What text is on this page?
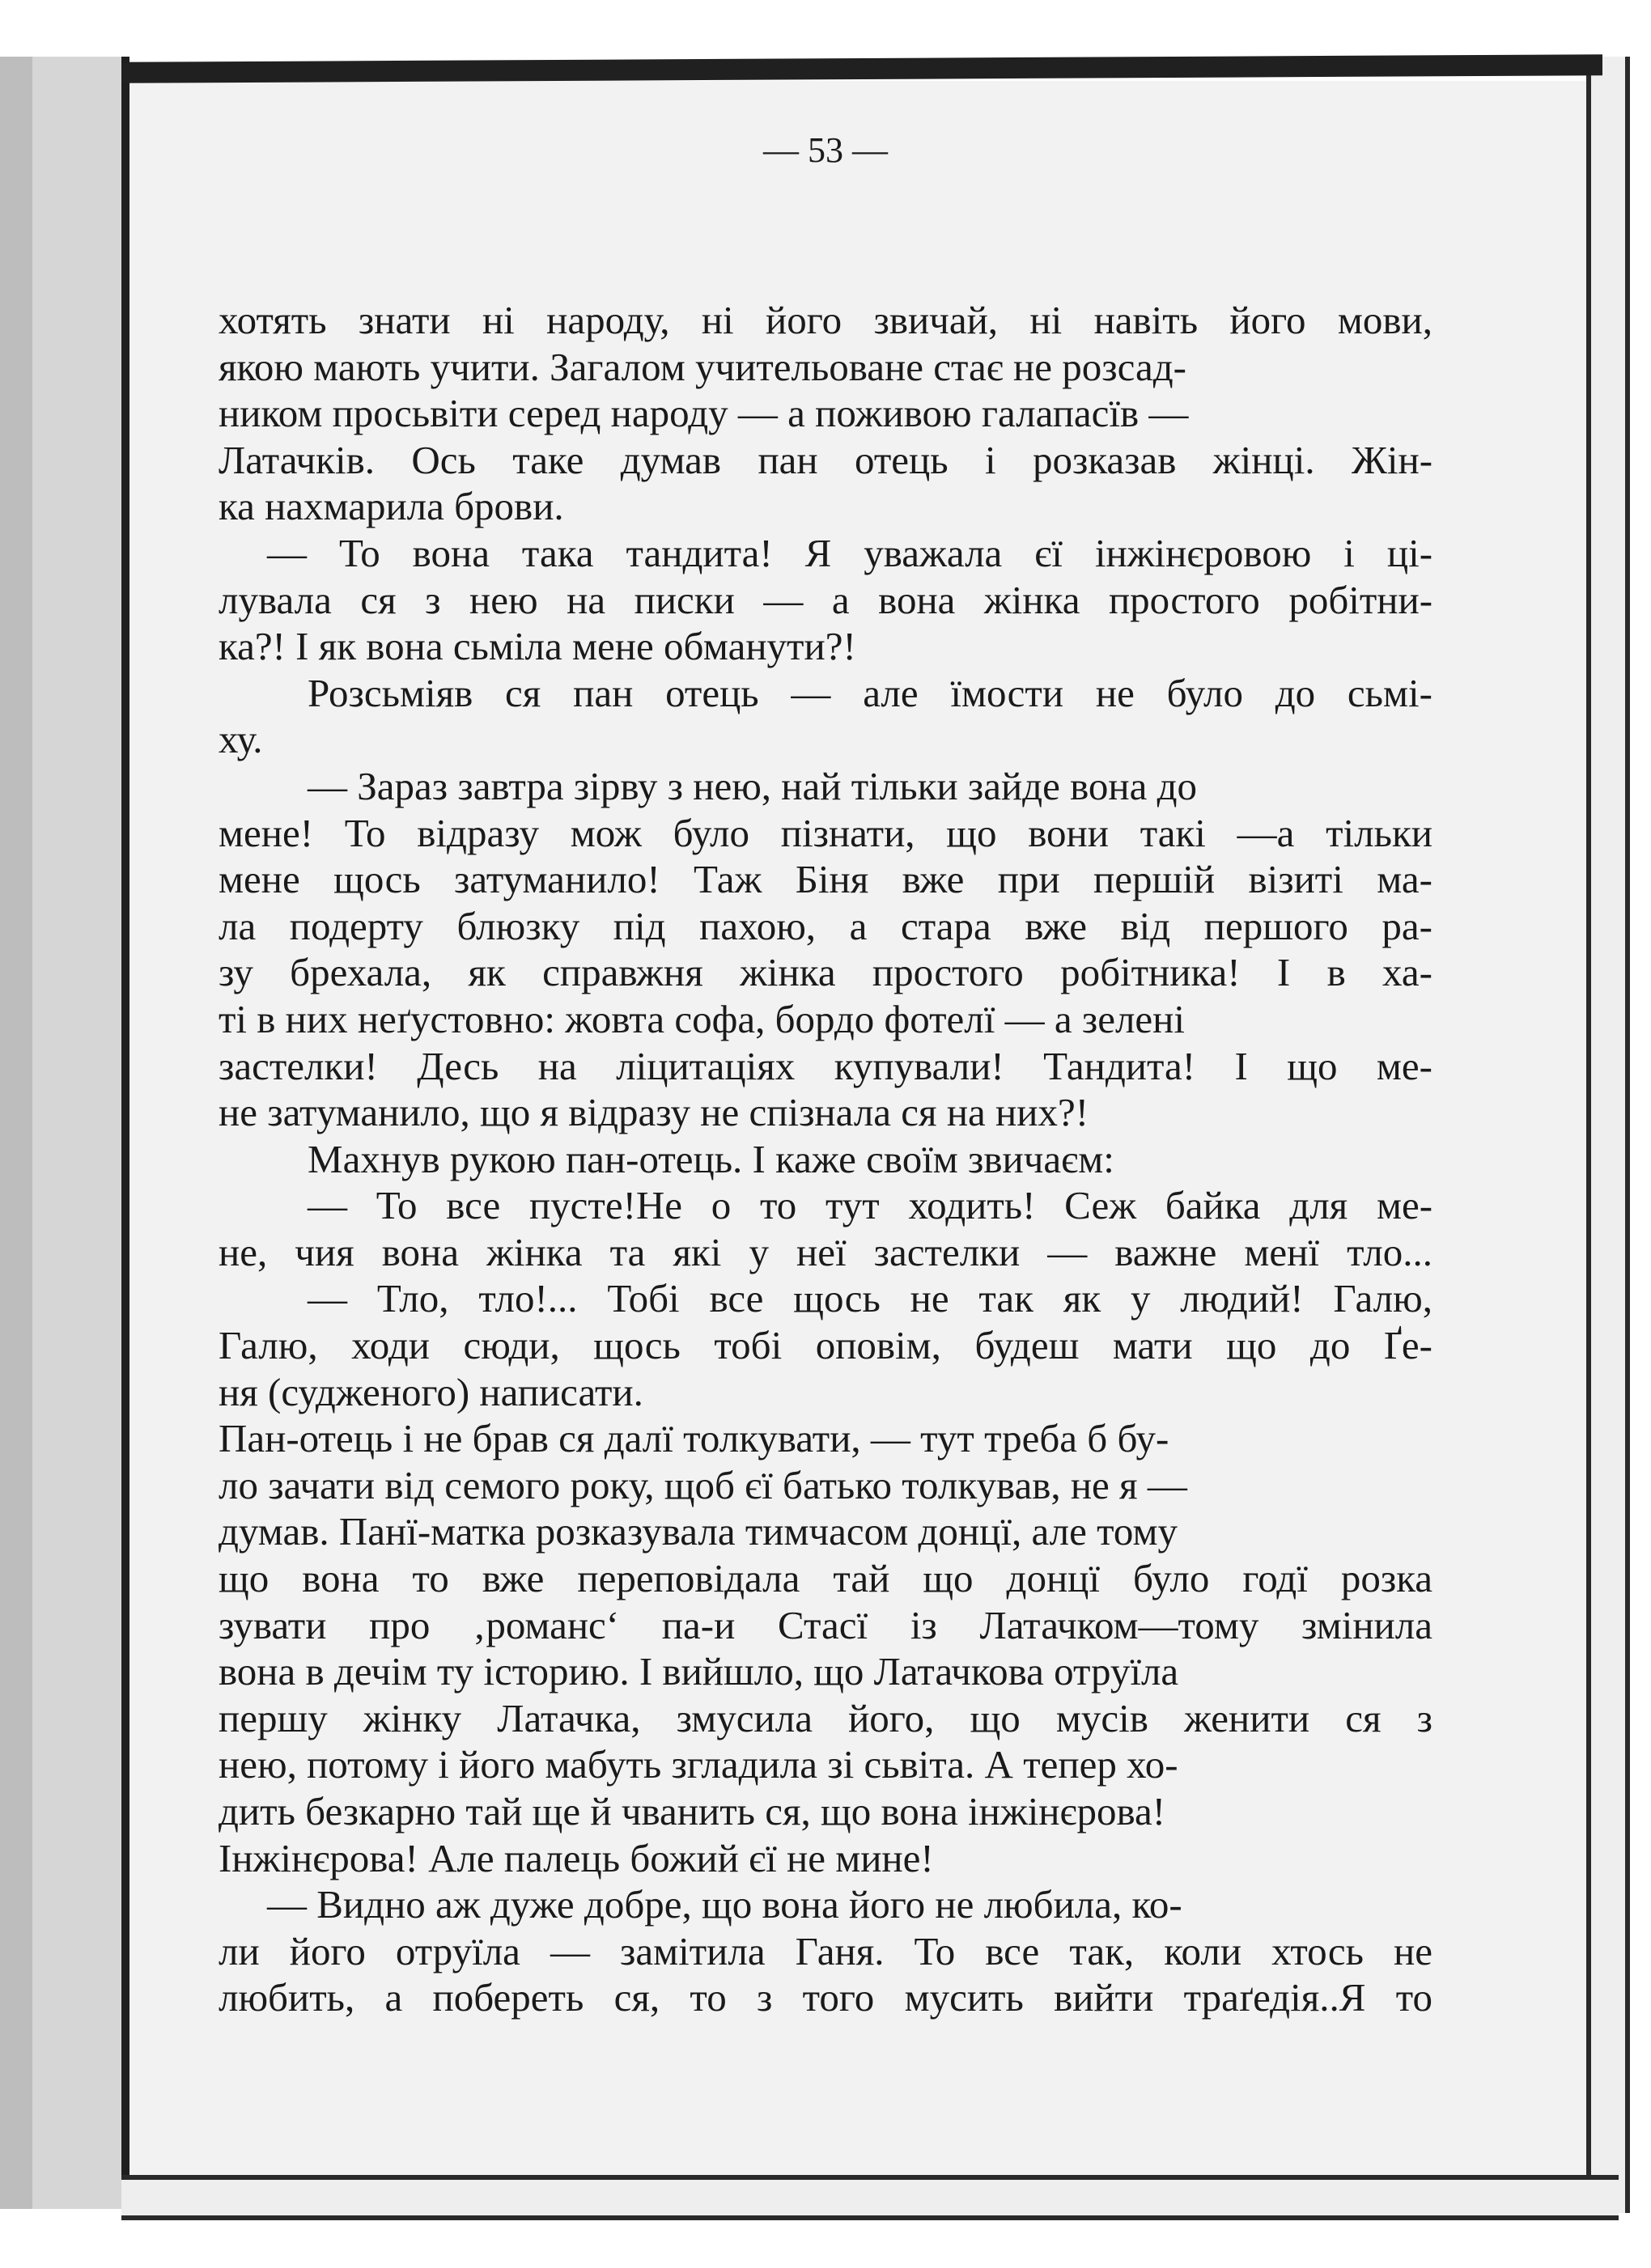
— 53 —
хотять знати ні народу, ні його звичай, ні навіть його мови,
якою мають учити. Загалом учительоване стає не розсад-
ником просьвіти серед народу — а поживою галапасїв —
Латачків. Ось таке думав пан отець і розказав жінці. Жін-
ка нахмарила брови.
— То вона така тандита! Я уважала єї інжінєровою і ці-
лувала ся з нею на писки — а вона жінка простого робітни-
ка?! І як вона сьміла мене обманути?!
Розсьміяв ся пан отець — але їмости не було до сьмі-
ху.
— Зараз завтра зірву з нею, най тільки зайде вона до
мене! То відразу мож було пізнати, що вони такі —а тільки
мене щось затуманило! Таж Біня вже при першій візиті ма-
ла подерту блюзку під пахою, а стара вже від першого ра-
зу брехала, як справжня жінка простого робітника! І в ха-
ті в них неґустовно: жовта софа, бордо фотелї — а зелені
застелки! Десь на ліцитаціях купували! Тандита! І що ме-
не затуманило, що я відразу не спізнала ся на них?!
Махнув рукою пан-отець. І каже своїм звичаєм:
— То все пусте!Не о то тут ходить! Сеж байка для ме-
не, чия вона жінка та які у неї застелки — важне менї тло...
— Тло, тло!... Тобі все щось не так як у людий! Галю,
Галю, ходи сюди, щось тобі оповім, будеш мати що до Ґе-
ня (судженого) написати.
Пан-отець і не брав ся далї толкувати, — тут треба б бу-
ло зачати від семого року, щоб єї батько толкував, не я —
думав. Панї-матка розказувала тимчасом донцї, але тому
що вона то вже переповідала тай що донцї було годї розка
зувати про ‚романс‘ па-и Стасї із Латачком—тому змінила
вона в дечім ту історию. І вийшло, що Латачкова отруїла
першу жінку Латачка, змусила його, що мусів женити ся з
нею, потому і його мабуть згладила зі сьвіта. А тепер хо-
дить безкарно тай ще й чванить ся, що вона інжінєрова!
Інжінєрова! Але палець божий єї не мине!
— Видно аж дуже добре, що вона його не любила, ко-
ли його отруїла — замітила Ганя. То все так, коли хтось не
любить, а побереть ся, то з того мусить вийти траґедія..Я то
